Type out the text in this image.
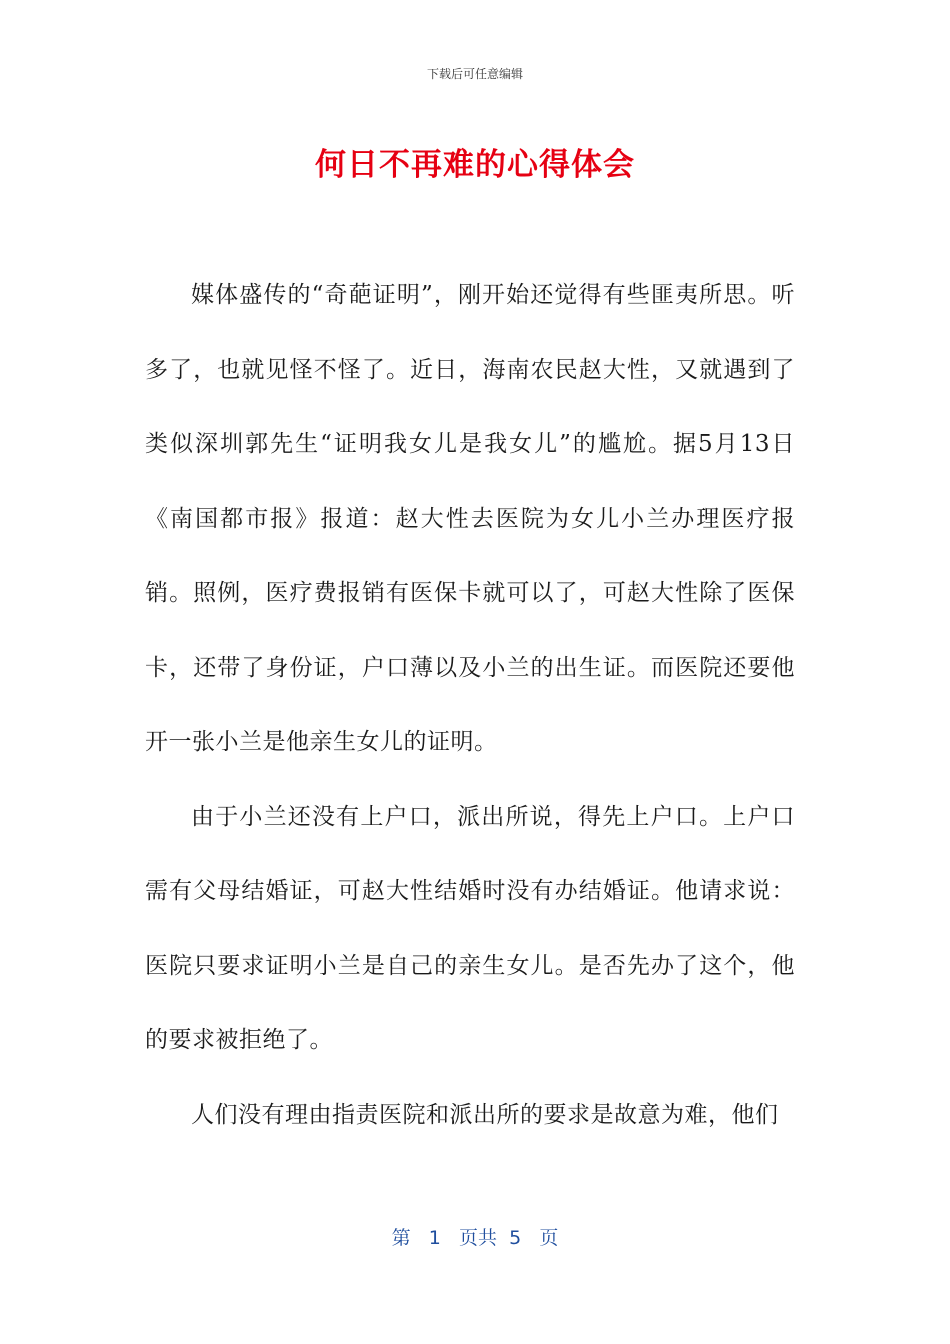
下载后可任意编辑
何日不再难的心得体会

媒体盛传的“奇葩证明”，刚开始还觉得有些匪夷所思。听多了，也就见怪不怪了。近日，海南农民赵大性，又就遇到了类似深圳郭先生“证明我女儿是我女儿”的尴尬。据5月13日《南国都市报》报道：赵大性去医院为女儿小兰办理医疗报销。照例，医疗费报销有医保卡就可以了，可赵大性除了医保卡，还带了身份证，户口薄以及小兰的出生证。而医院还要他开一张小兰是他亲生女儿的证明。

由于小兰还没有上户口，派出所说，得先上户口。上户口需有父母结婚证，可赵大性结婚时没有办结婚证。他请求说：医院只要求证明小兰是自己的亲生女儿。是否先办了这个，他的要求被拒绝了。

人们没有理由指责医院和派出所的要求是故意为难，他们

第 1 页共 5 页
